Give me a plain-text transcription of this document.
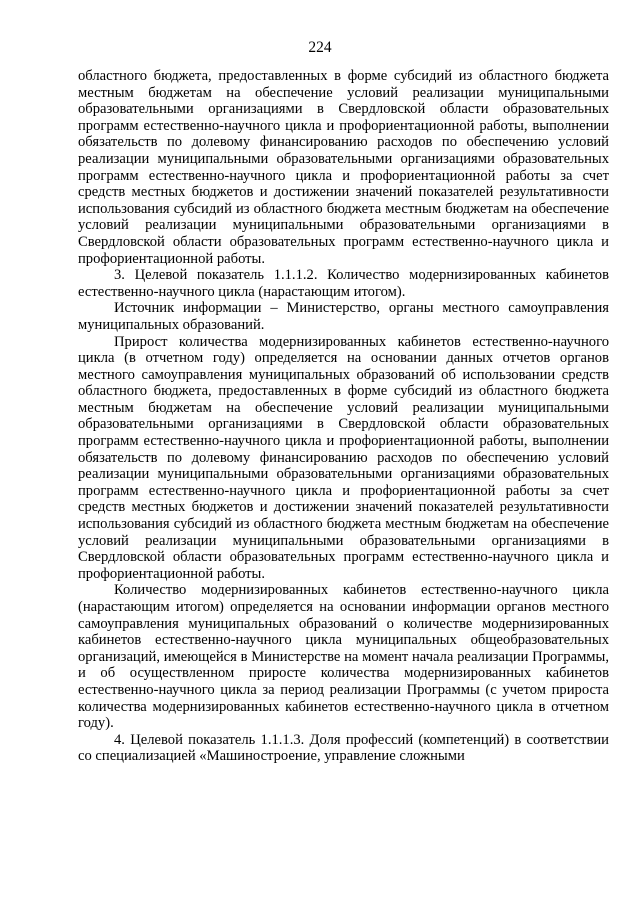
224

областного бюджета, предоставленных в форме субсидий из областного бюджета местным бюджетам на обеспечение условий реализации муниципальными образовательными организациями в Свердловской области образовательных программ естественно-научного цикла и профориентационной работы, выполнении обязательств по долевому финансированию расходов по обеспечению условий реализации муниципальными образовательными организациями образовательных программ естественно-научного цикла и профориентационной работы за счет средств местных бюджетов и достижении значений показателей результативности использования субсидий из областного бюджета местным бюджетам на обеспечение условий реализации муниципальными образовательными организациями в Свердловской области образовательных программ естественно-научного цикла и профориентационной работы.

3. Целевой показатель 1.1.1.2. Количество модернизированных кабинетов естественно-научного цикла (нарастающим итогом).

Источник информации – Министерство, органы местного самоуправления муниципальных образований.

Прирост количества модернизированных кабинетов естественно-научного цикла (в отчетном году) определяется на основании данных отчетов органов местного самоуправления муниципальных образований об использовании средств областного бюджета, предоставленных в форме субсидий из областного бюджета местным бюджетам на обеспечение условий реализации муниципальными образовательными организациями в Свердловской области образовательных программ естественно-научного цикла и профориентационной работы, выполнении обязательств по долевому финансированию расходов по обеспечению условий реализации муниципальными образовательными организациями образовательных программ естественно-научного цикла и профориентационной работы за счет средств местных бюджетов и достижении значений показателей результативности использования субсидий из областного бюджета местным бюджетам на обеспечение условий реализации муниципальными образовательными организациями в Свердловской области образовательных программ естественно-научного цикла и профориентационной работы.

Количество модернизированных кабинетов естественно-научного цикла (нарастающим итогом) определяется на основании информации органов местного самоуправления муниципальных образований о количестве модернизированных кабинетов естественно-научного цикла муниципальных общеобразовательных организаций, имеющейся в Министерстве на момент начала реализации Программы, и об осуществленном приросте количества модернизированных кабинетов естественно-научного цикла за период реализации Программы (с учетом прироста количества модернизированных кабинетов естественно-научного цикла в отчетном году).

4. Целевой показатель 1.1.1.3. Доля профессий (компетенций) в соответствии со специализацией «Машиностроение, управление сложными
